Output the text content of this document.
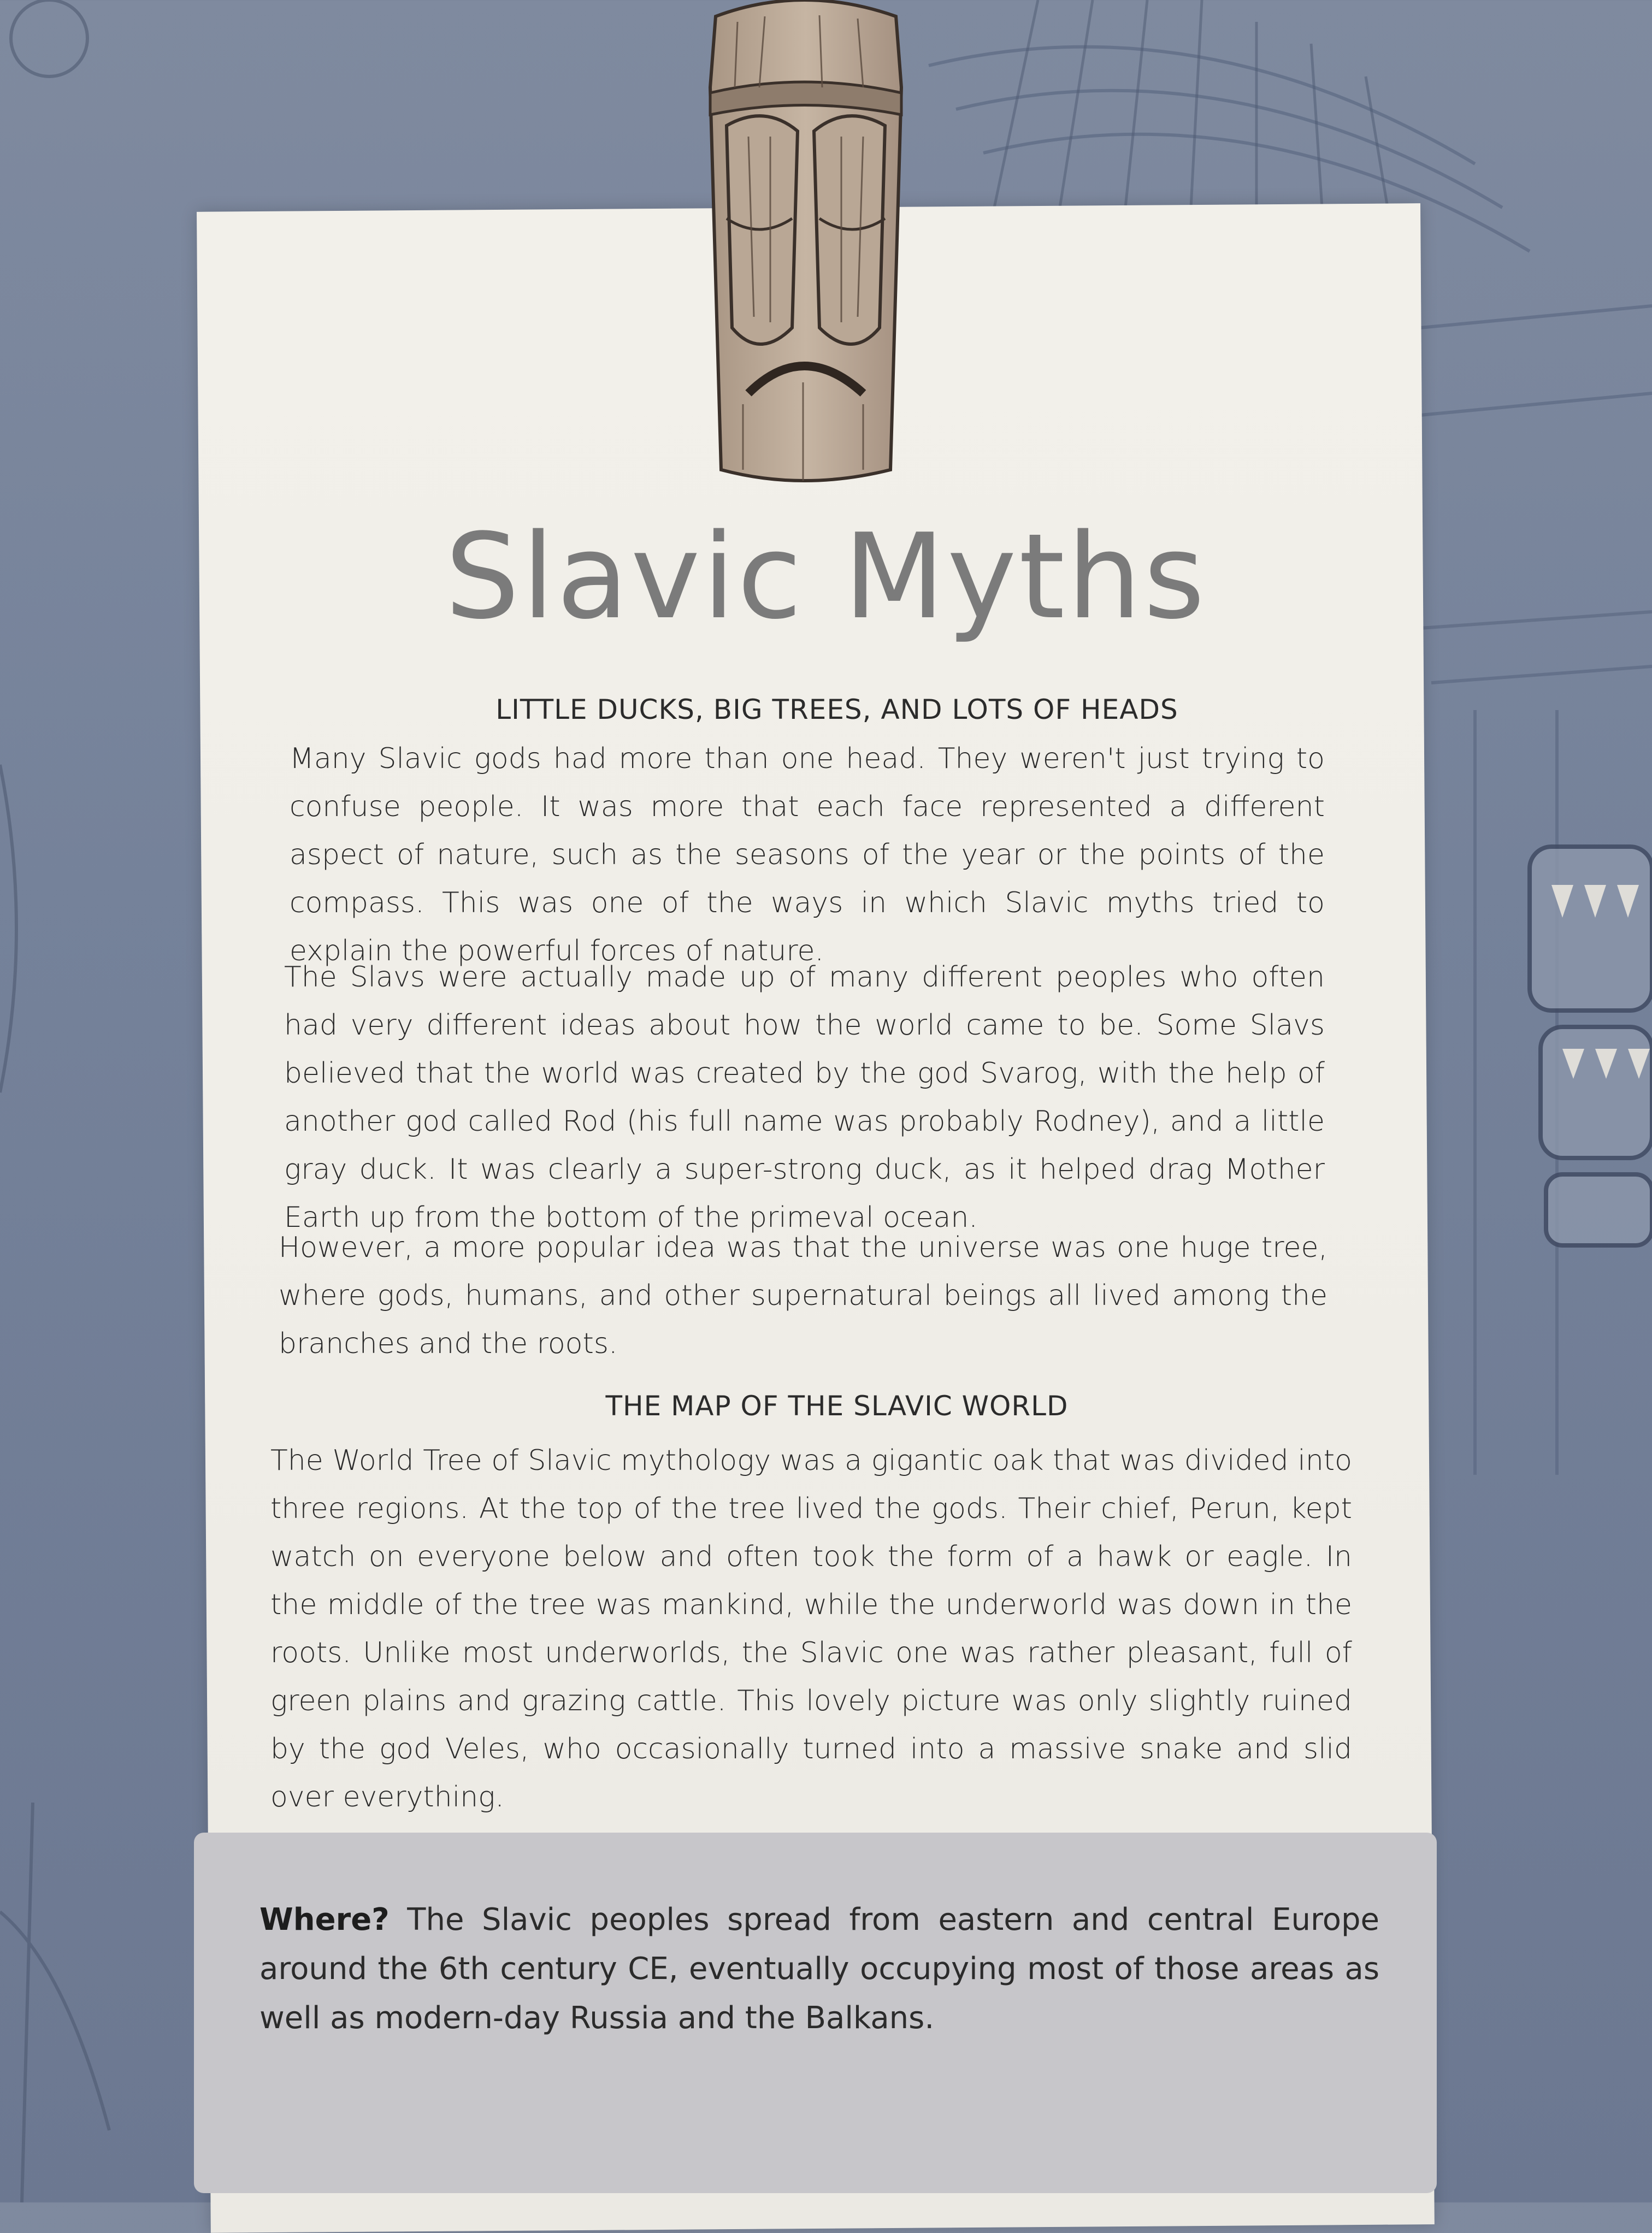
Slavic Myths
LITTLE DUCKS, BIG TREES, AND LOTS OF HEADS

Many Slavic gods had more than one head. They weren't just trying to confuse people. It was more that each face represented a different aspect of nature, such as the seasons of the year or the points of the compass. This was one of the ways in which Slavic myths tried to explain the powerful forces of nature.

The Slavs were actually made up of many different peoples who often had very different ideas about how the world came to be. Some Slavs believed that the world was created by the god Svarog, with the help of another god called Rod (his full name was probably Rodney), and a little gray duck. It was clearly a super-strong duck, as it helped drag Mother Earth up from the bottom of the primeval ocean.

However, a more popular idea was that the universe was one huge tree, where gods, humans, and other supernatural beings all lived among the branches and the roots.

THE MAP OF THE SLAVIC WORLD

The World Tree of Slavic mythology was a gigantic oak that was divided into three regions. At the top of the tree lived the gods. Their chief, Perun, kept watch on everyone below and often took the form of a hawk or eagle. In the middle of the tree was mankind, while the underworld was down in the roots. Unlike most underworlds, the Slavic one was rather pleasant, full of green plains and grazing cattle. This lovely picture was only slightly ruined by the god Veles, who occasionally turned into a massive snake and slid over everything.

Where? The Slavic peoples spread from eastern and central Europe around the 6th century CE, eventually occupying most of those areas as well as modern-day Russia and the Balkans.
